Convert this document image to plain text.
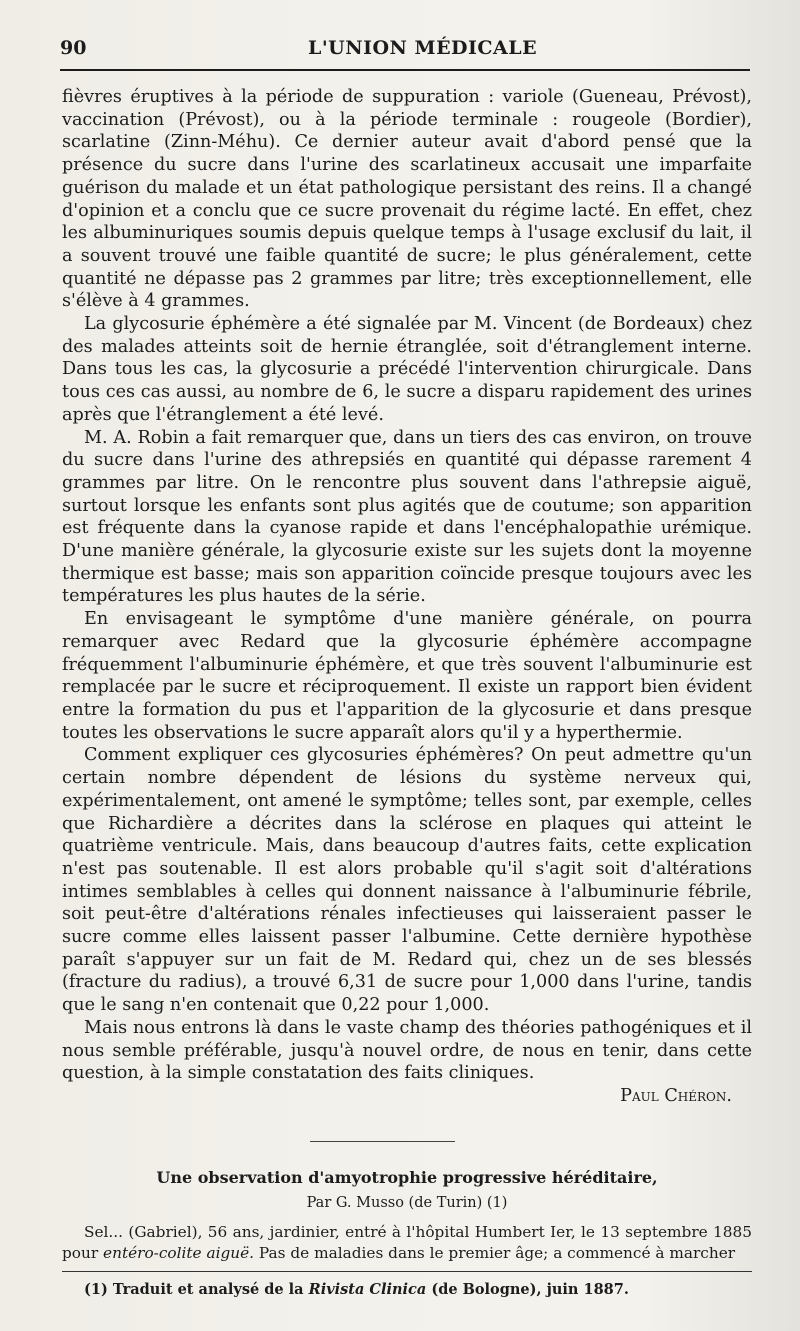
90	L'UNION MÉDICALE

fièvres éruptives à la période de suppuration : variole (Gueneau, Prévost), vaccination (Prévost), ou à la période terminale : rougeole (Bordier), scarlatine (Zinn-Méhu). Ce dernier auteur avait d'abord pensé que la présence du sucre dans l'urine des scarlatineux accusait une imparfaite guérison du malade et un état pathologique persistant des reins. Il a changé d'opinion et a conclu que ce sucre provenait du régime lacté. En effet, chez les albuminuriques soumis depuis quelque temps à l'usage exclusif du lait, il a souvent trouvé une faible quantité de sucre; le plus généralement, cette quantité ne dépasse pas 2 grammes par litre; très exceptionnellement, elle s'élève à 4 grammes.

La glycosurie éphémère a été signalée par M. Vincent (de Bordeaux) chez des malades atteints soit de hernie étranglée, soit d'étranglement interne. Dans tous les cas, la glycosurie a précédé l'intervention chirurgicale. Dans tous ces cas aussi, au nombre de 6, le sucre a disparu rapidement des urines après que l'étranglement a été levé.

M. A. Robin a fait remarquer que, dans un tiers des cas environ, on trouve du sucre dans l'urine des athrepsiés en quantité qui dépasse rarement 4 grammes par litre. On le rencontre plus souvent dans l'athrepsie aiguë, surtout lorsque les enfants sont plus agités que de coutume; son apparition est fréquente dans la cyanose rapide et dans l'encéphalopathie urémique. D'une manière générale, la glycosurie existe sur les sujets dont la moyenne thermique est basse; mais son apparition coïncide presque toujours avec les températures les plus hautes de la série.

En envisageant le symptôme d'une manière générale, on pourra remarquer avec Redard que la glycosurie éphémère accompagne fréquemment l'albuminurie éphémère, et que très souvent l'albuminurie est remplacée par le sucre et réciproquement. Il existe un rapport bien évident entre la formation du pus et l'apparition de la glycosurie et dans presque toutes les observations le sucre apparaît alors qu'il y a hyperthermie.

Comment expliquer ces glycosuries éphémères? On peut admettre qu'un certain nombre dépendent de lésions du système nerveux qui, expérimentalement, ont amené le symptôme; telles sont, par exemple, celles que Richardière a décrites dans la sclérose en plaques qui atteint le quatrième ventricule. Mais, dans beaucoup d'autres faits, cette explication n'est pas soutenable. Il est alors probable qu'il s'agit soit d'altérations intimes semblables à celles qui donnent naissance à l'albuminurie fébrile, soit peut-être d'altérations rénales infectieuses qui laisseraient passer le sucre comme elles laissent passer l'albumine. Cette dernière hypothèse paraît s'appuyer sur un fait de M. Redard qui, chez un de ses blessés (fracture du radius), a trouvé 6,31 de sucre pour 1,000 dans l'urine, tandis que le sang n'en contenait que 0,22 pour 1,000.

Mais nous entrons là dans le vaste champ des théories pathogéniques et il nous semble préférable, jusqu'à nouvel ordre, de nous en tenir, dans cette question, à la simple constatation des faits cliniques.

Paul Chéron.
Une observation d'amyotrophie progressive héréditaire,
Par G. Musso (de Turin) (1)

Sel... (Gabriel), 56 ans, jardinier, entré à l'hôpital Humbert Ier, le 13 septembre 1885 pour entéro-colite aiguë. Pas de maladies dans le premier âge; a commencé à marcher

(1) Traduit et analysé de la Rivista Clinica (de Bologne), juin 1887.
